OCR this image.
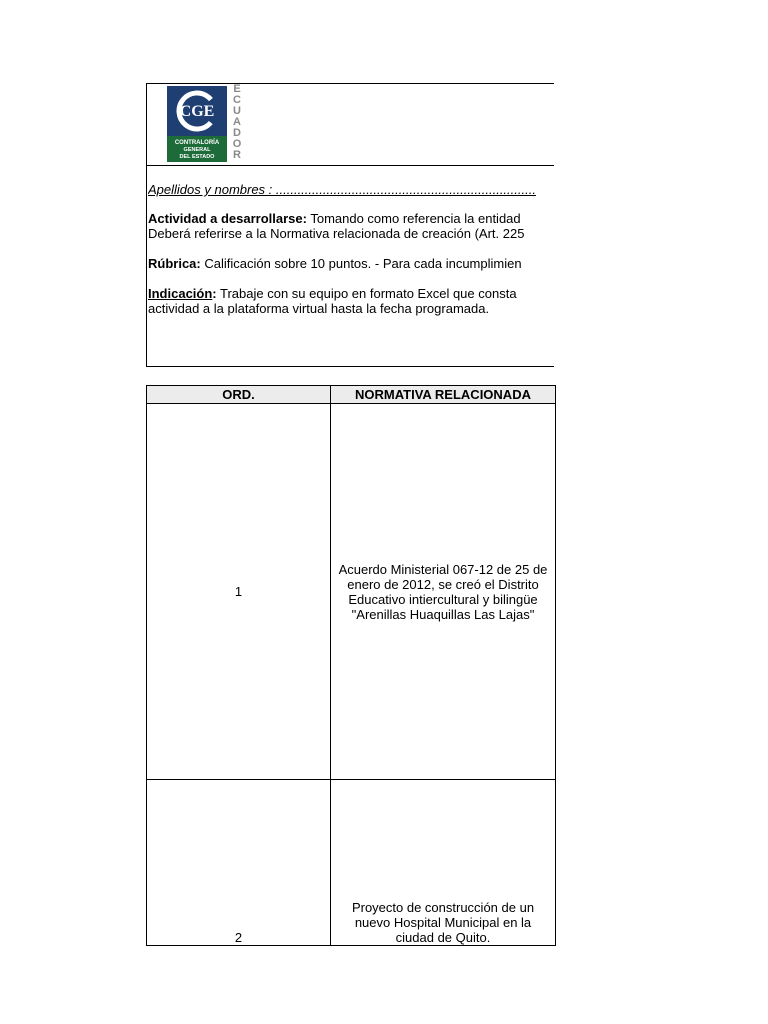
CGE
CONTRALORÍA
GENERAL
DEL ESTADO
ECUADOR
Apellidos y nombres : ........................................................................
Actividad a desarrollarse: Tomando como referencia la entidad
Deberá referirse a la Normativa relacionada de creación (Art. 225
Rúbrica: Calificación sobre 10 puntos. - Para cada incumplimien
Indicación: Trabaje con su equipo en formato Excel que consta
actividad a la plataforma virtual hasta la fecha programada.
ORD.	NORMATIVA RELACIONADA
1	Acuerdo Ministerial 067-12 de 25 de enero de 2012, se creó el Distrito Educativo intiercultural y bilingüe "Arenillas Huaquillas Las Lajas"
2	Proyecto de construcción de un nuevo Hospital Municipal en la ciudad de Quito.
